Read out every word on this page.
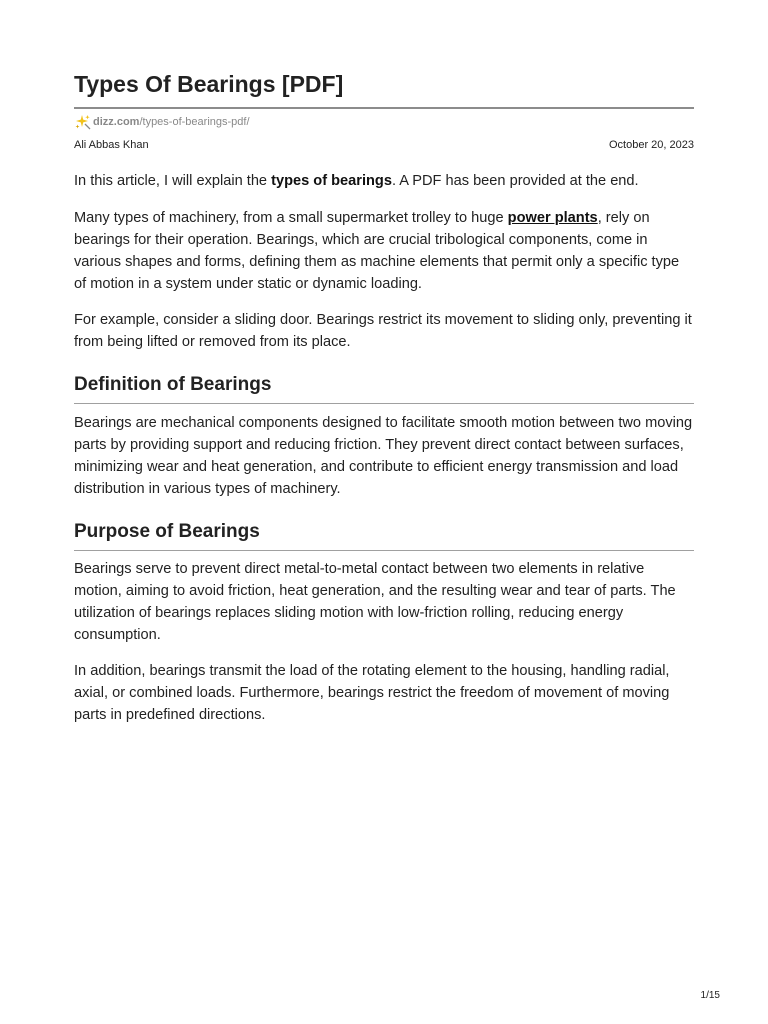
Types Of Bearings [PDF]
dizz.com /types-of-bearings-pdf/
Ali Abbas Khan	October 20, 2023

In this article, I will explain the types of bearings. A PDF has been provided at the end.

Many types of machinery, from a small supermarket trolley to huge power plants, rely on bearings for their operation. Bearings, which are crucial tribological components, come in various shapes and forms, defining them as machine elements that permit only a specific type of motion in a system under static or dynamic loading.

For example, consider a sliding door. Bearings restrict its movement to sliding only, preventing it from being lifted or removed from its place.

Definition of Bearings

Bearings are mechanical components designed to facilitate smooth motion between two moving parts by providing support and reducing friction. They prevent direct contact between surfaces, minimizing wear and heat generation, and contribute to efficient energy transmission and load distribution in various types of machinery.

Purpose of Bearings

Bearings serve to prevent direct metal-to-metal contact between two elements in relative motion, aiming to avoid friction, heat generation, and the resulting wear and tear of parts. The utilization of bearings replaces sliding motion with low-friction rolling, reducing energy consumption.

In addition, bearings transmit the load of the rotating element to the housing, handling radial, axial, or combined loads. Furthermore, bearings restrict the freedom of movement of moving parts in predefined directions.

1/15
